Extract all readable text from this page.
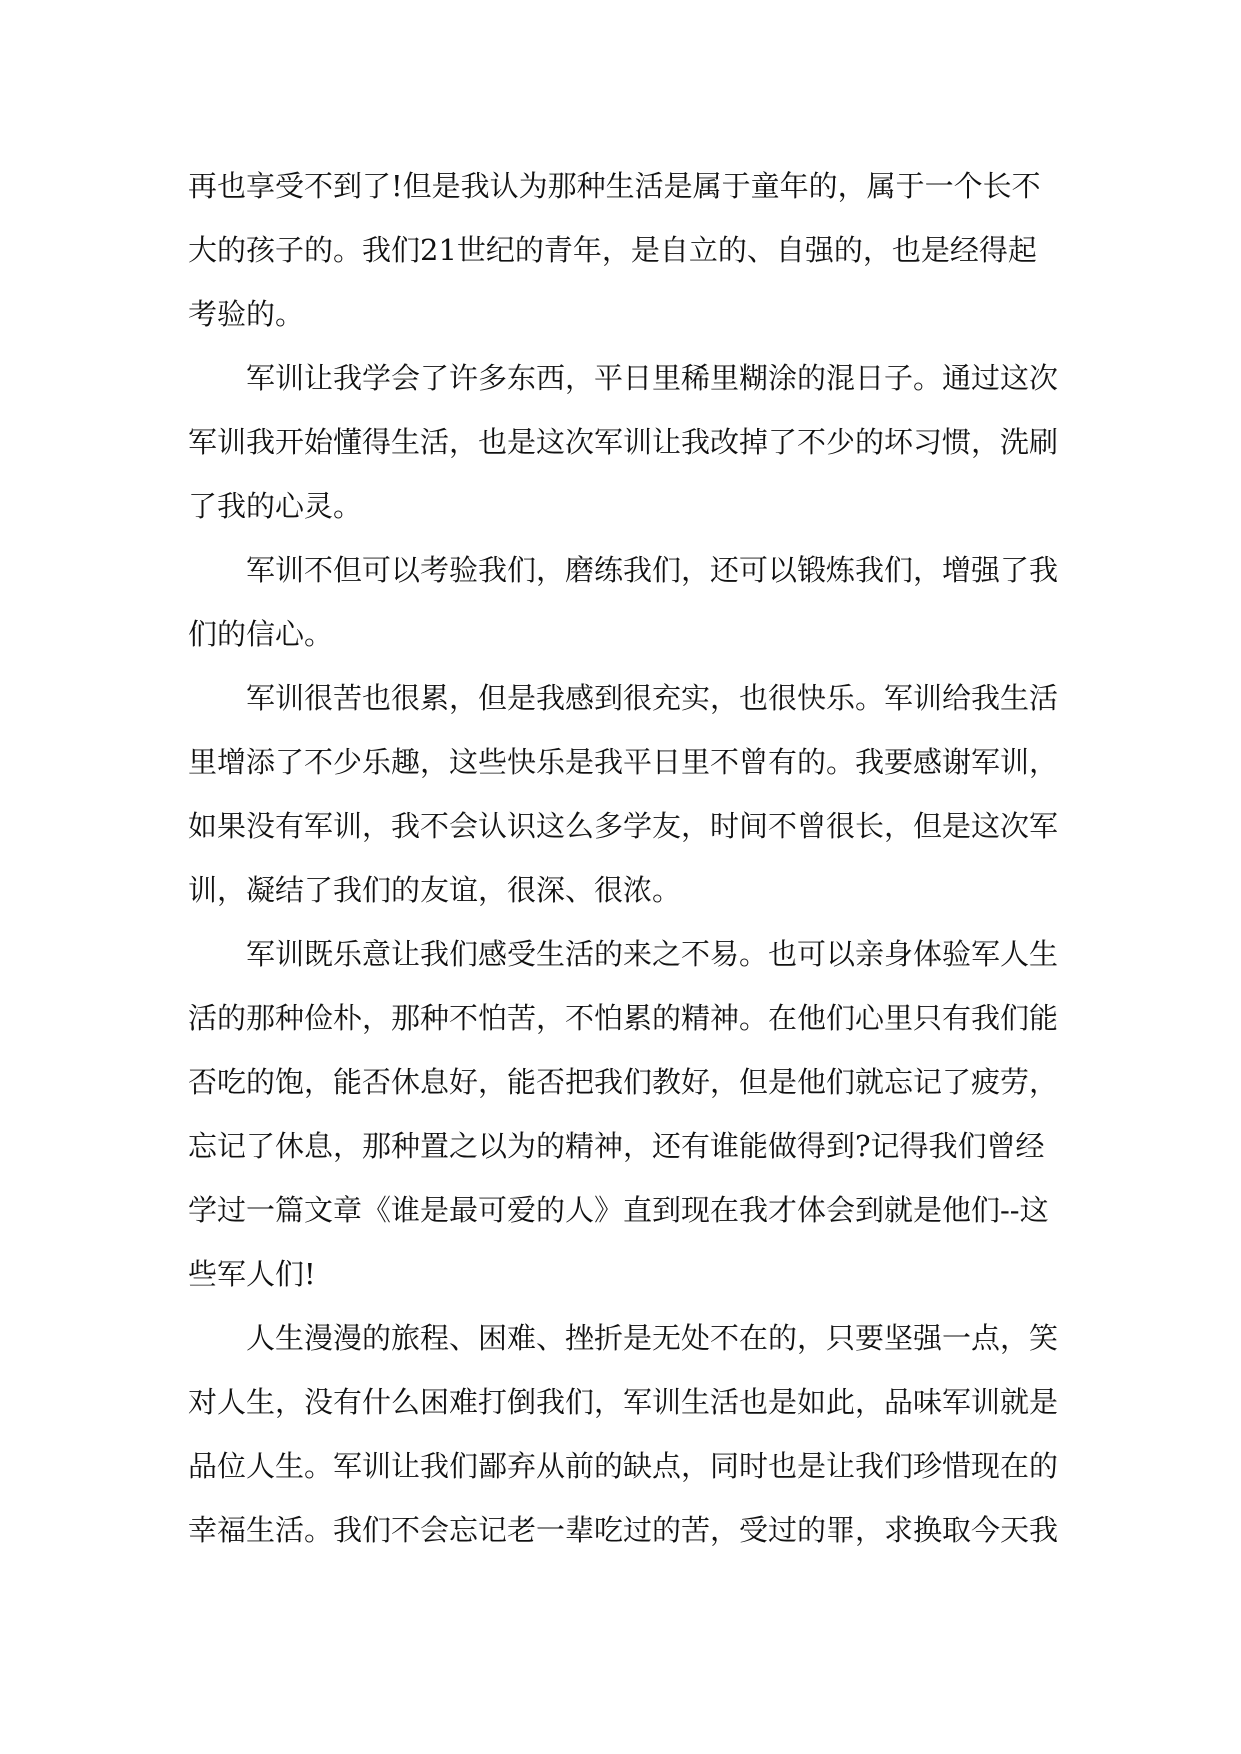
再也享受不到了!但是我认为那种生活是属于童年的，属于一个长不
大的孩子的。我们21世纪的青年，是自立的、自强的，也是经得起
考验的。
军训让我学会了许多东西，平日里稀里糊涂的混日子。通过这次
军训我开始懂得生活，也是这次军训让我改掉了不少的坏习惯，洗刷
了我的心灵。
军训不但可以考验我们，磨练我们，还可以锻炼我们，增强了我
们的信心。
军训很苦也很累，但是我感到很充实，也很快乐。军训给我生活
里增添了不少乐趣，这些快乐是我平日里不曾有的。我要感谢军训，
如果没有军训，我不会认识这么多学友，时间不曾很长，但是这次军
训，凝结了我们的友谊，很深、很浓。
军训既乐意让我们感受生活的来之不易。也可以亲身体验军人生
活的那种俭朴，那种不怕苦，不怕累的精神。在他们心里只有我们能
否吃的饱，能否休息好，能否把我们教好，但是他们就忘记了疲劳，
忘记了休息，那种置之以为的精神，还有谁能做得到?记得我们曾经
学过一篇文章《谁是最可爱的人》直到现在我才体会到就是他们--这
些军人们!
人生漫漫的旅程、困难、挫折是无处不在的，只要坚强一点，笑
对人生，没有什么困难打倒我们，军训生活也是如此，品味军训就是
品位人生。军训让我们鄙弃从前的缺点，同时也是让我们珍惜现在的
幸福生活。我们不会忘记老一辈吃过的苦，受过的罪，求换取今天我
